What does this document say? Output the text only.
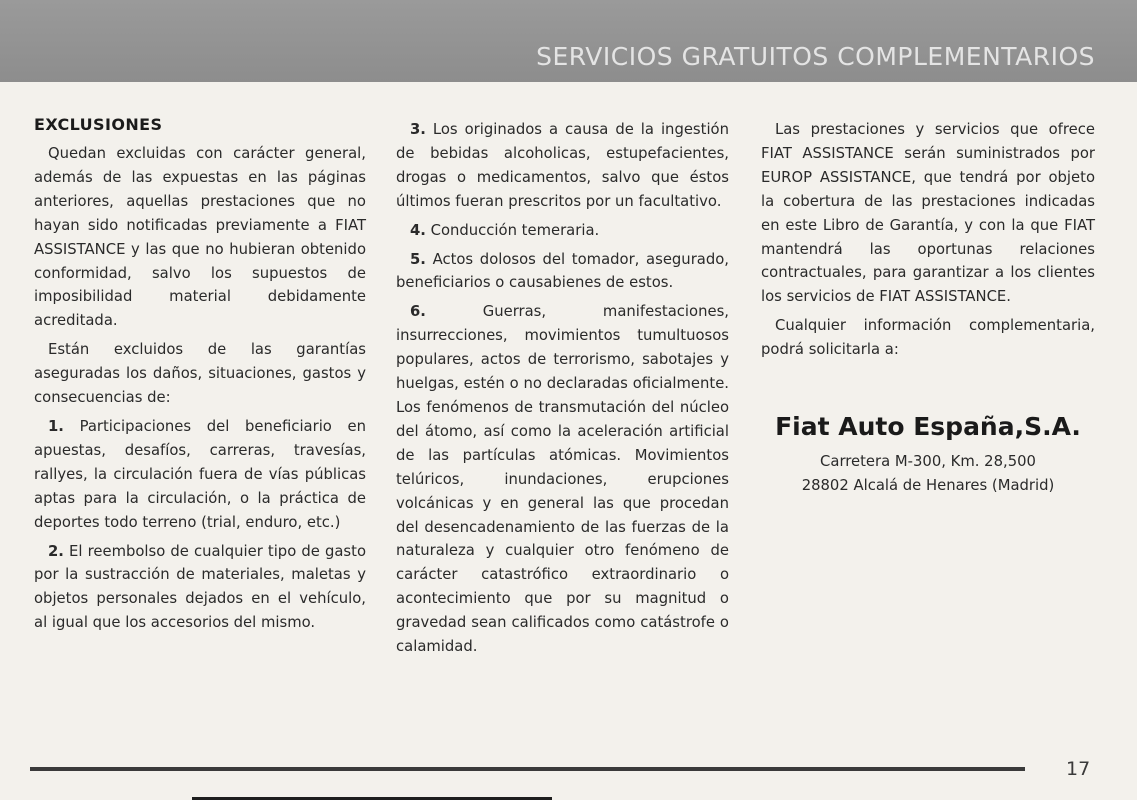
SERVICIOS GRATUITOS COMPLEMENTARIOS
EXCLUSIONES

Quedan excluidas con carácter general, además de las expuestas en las páginas anteriores, aquellas prestaciones que no hayan sido notificadas previamente a FIAT ASSISTANCE y las que no hubieran obtenido conformidad, salvo los supuestos de imposibilidad material debidamente acreditada.

Están excluidos de las garantías aseguradas los daños, situaciones, gastos y consecuencias de:

1. Participaciones del beneficiario en apuestas, desafíos, carreras, travesías, rallyes, la circulación fuera de vías públicas aptas para la circulación, o la práctica de deportes todo terreno (trial, enduro, etc.)

2. El reembolso de cualquier tipo de gasto por la sustracción de materiales, maletas y objetos personales dejados en el vehículo, al igual que los accesorios del mismo.

3. Los originados a causa de la ingestión de bebidas alcoholicas, estupefacientes, drogas o medicamentos, salvo que éstos últimos fueran prescritos por un facultativo.

4. Conducción temeraria.

5. Actos dolosos del tomador, asegurado, beneficiarios o causabienes de estos.

6. Guerras, manifestaciones, insurrecciones, movimientos tumultuosos populares, actos de terrorismo, sabotajes y huelgas, estén o no declaradas oficialmente. Los fenómenos de transmutación del núcleo del átomo, así como la aceleración artificial de las partículas atómicas. Movimientos telúricos, inundaciones, erupciones volcánicas y en general las que procedan del desencadenamiento de las fuerzas de la naturaleza y cualquier otro fenómeno de carácter catastrófico extraordinario o acontecimiento que por su magnitud o gravedad sean calificados como catástrofe o calamidad.

Las prestaciones y servicios que ofrece FIAT ASSISTANCE serán suministrados por EUROP ASSISTANCE, que tendrá por objeto la cobertura de las prestaciones indicadas en este Libro de Garantía, y con la que FIAT mantendrá las oportunas relaciones contractuales, para garantizar a los clientes los servicios de FIAT ASSISTANCE.

Cualquier información complementaria, podrá solicitarla a:

Fiat Auto España,S.A.
Carretera M-300, Km. 28,500
28802 Alcalá de Henares (Madrid)
17
